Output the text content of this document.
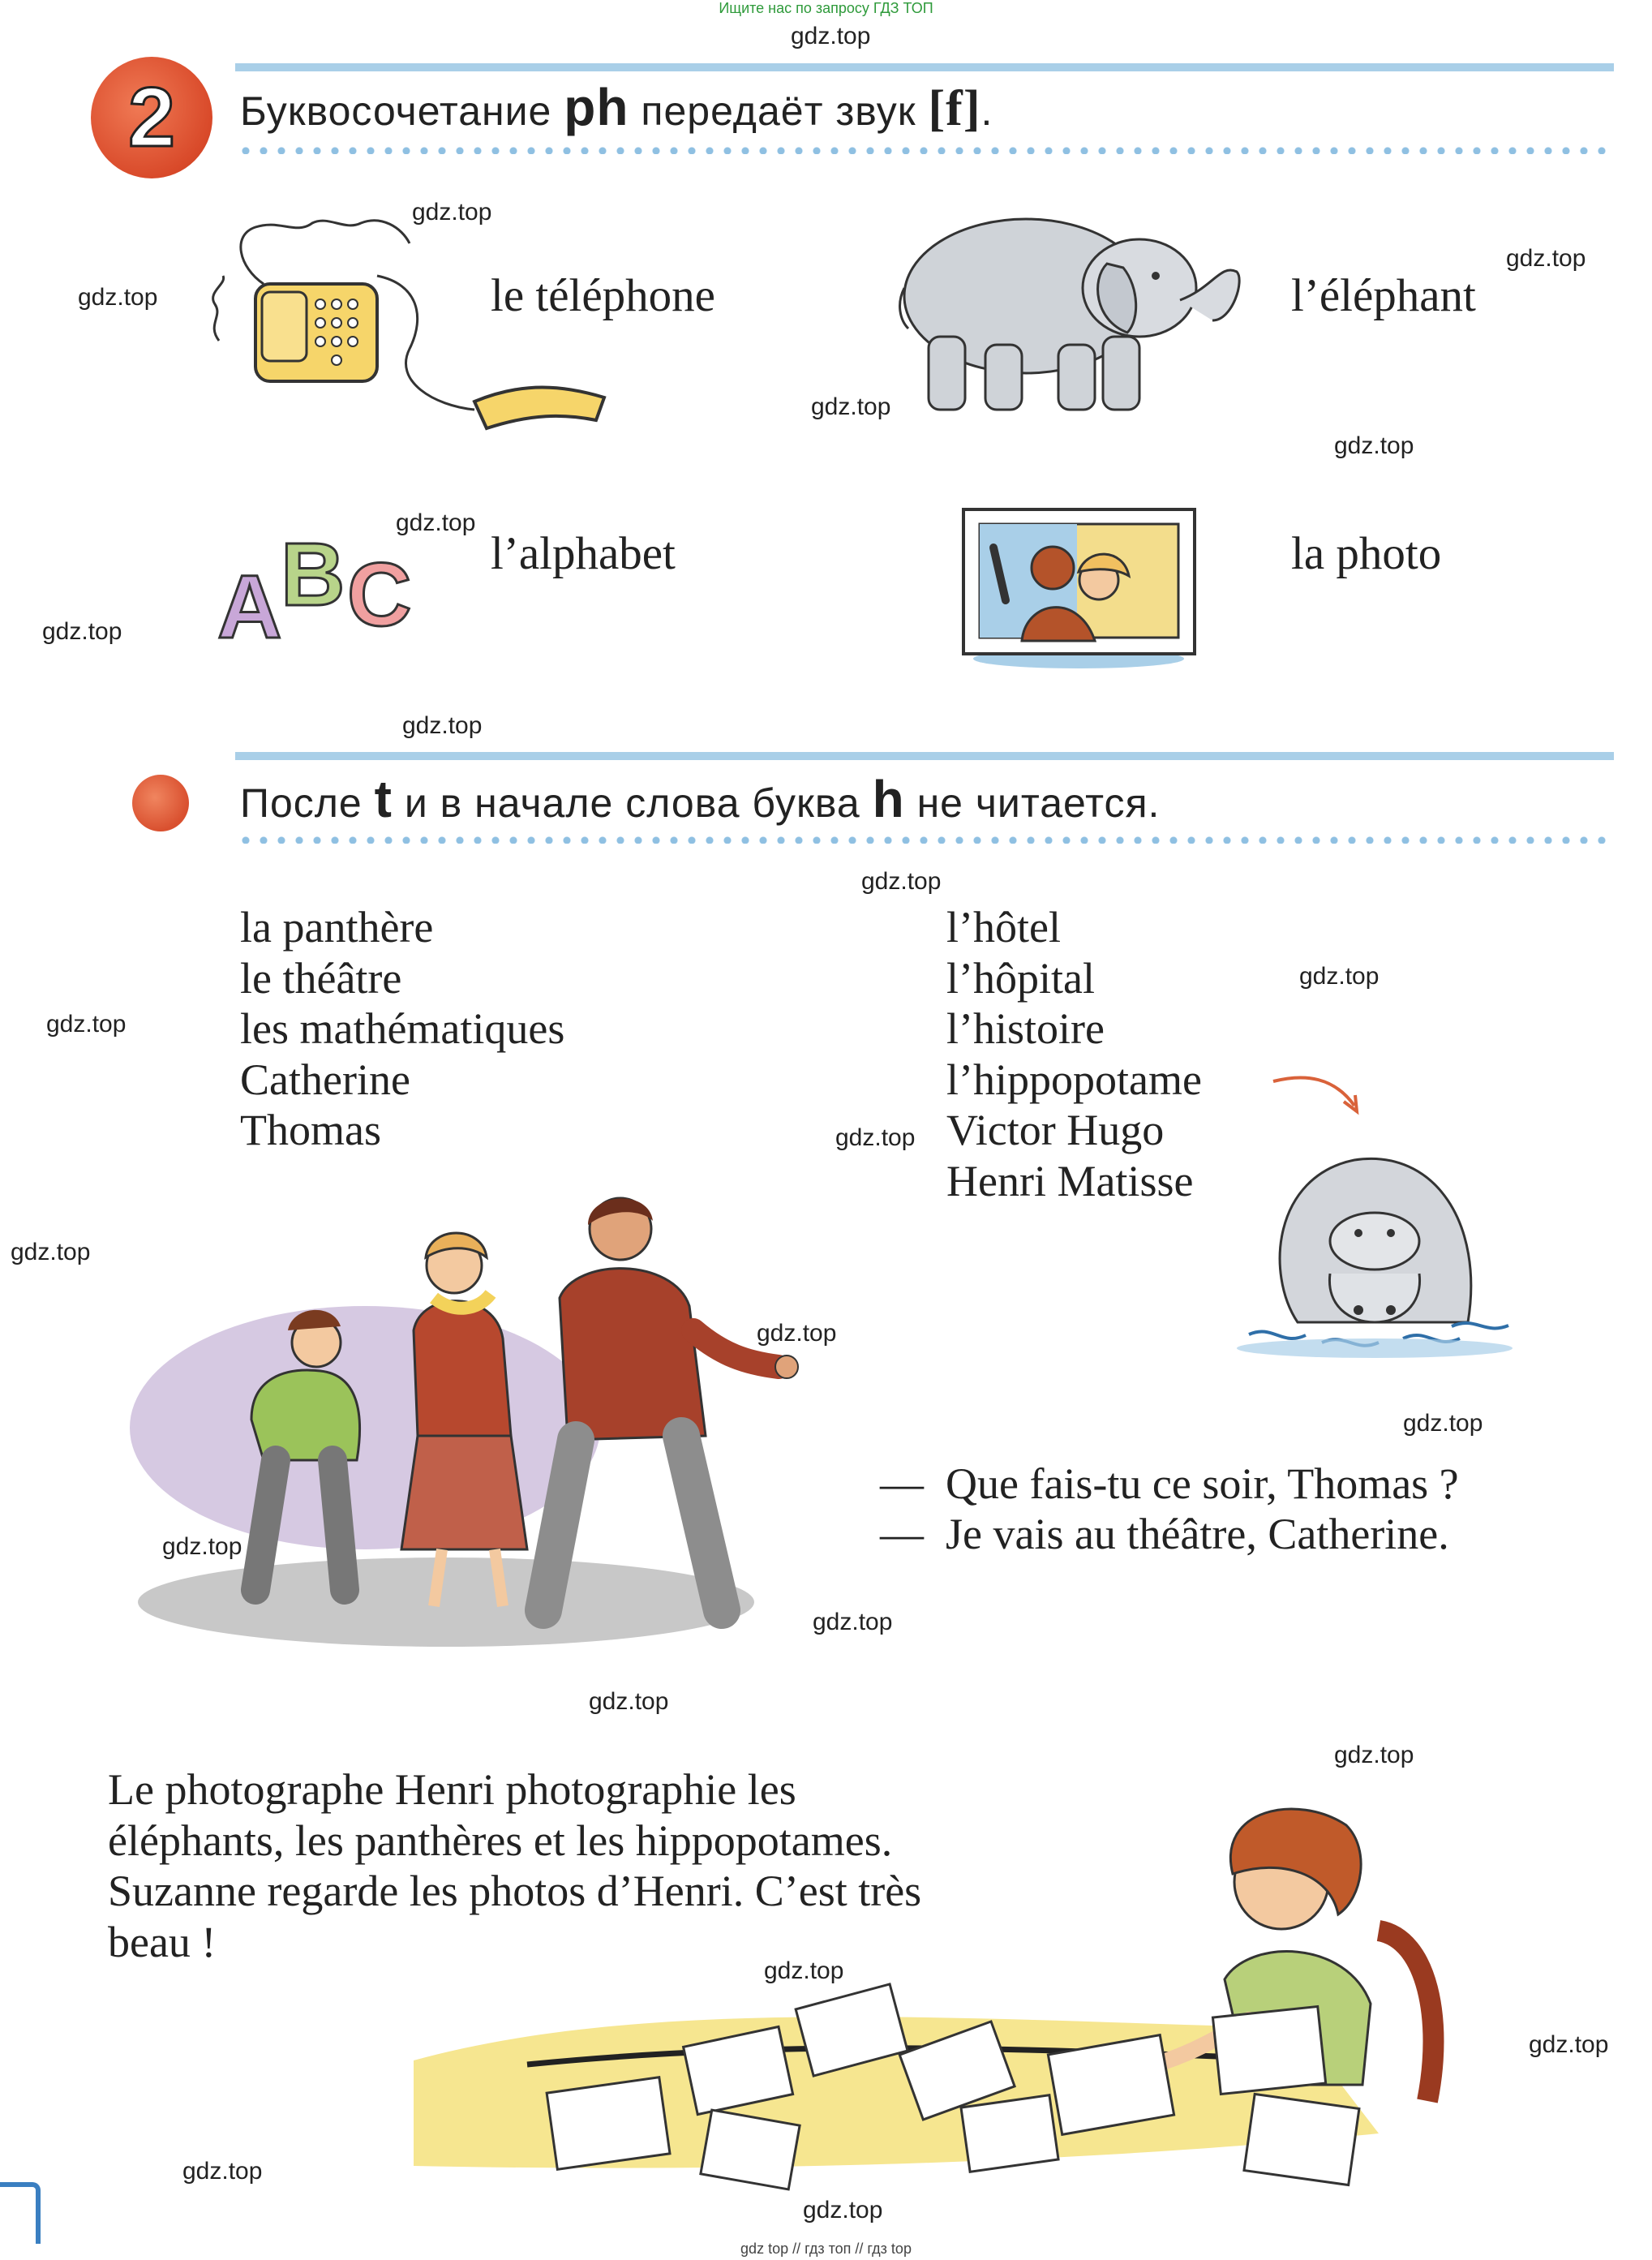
Ищите нас по запросу ГДЗ ТОП
gdz top // гдз топ // гдз top
gdz.top
gdz.top
gdz.top
gdz.top
gdz.top
gdz.top
gdz.top
gdz.top
gdz.top
gdz.top
gdz.top
gdz.top
gdz.top
gdz.top
gdz.top
gdz.top
gdz.top
gdz.top
gdz.top
gdz.top
gdz.top
gdz.top
gdz.top
gdz.top
2	Буквосочетание ph передаёт звук [f].
le téléphone	l’éléphant
A
B C l’alphabet	la photo
После t и в начале слова буква h не читается.
la panthère
le théâtre
les mathématiques
Catherine
Thomas
l’hôtel
l’hôpital
l’histoire
l’hippopotame
Victor Hugo
Henri Matisse
— Que fais-tu ce soir, Thomas ?
— Je vais au théâtre, Catherine.
Le photographe Henri photographie les
éléphants, les panthères et les hippopotames.
Suzanne regarde les photos d’Henri. C’est très
beau !
